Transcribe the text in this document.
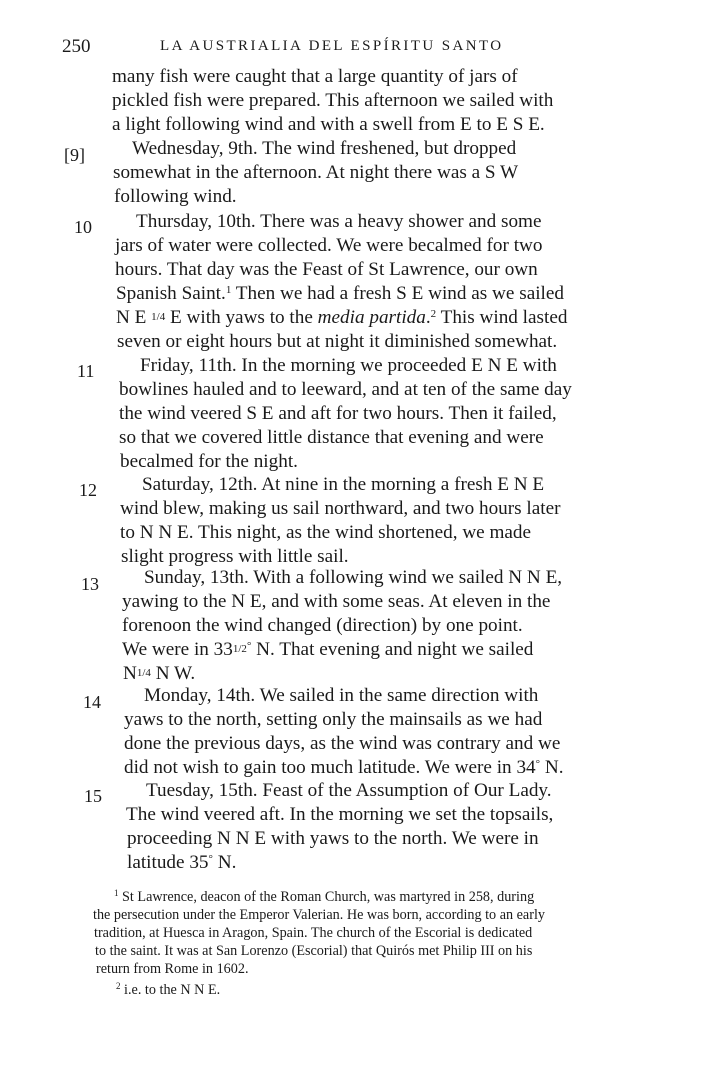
250	LA AUSTRIALIA DEL ESPÍRITU SANTO
many fish were caught that a large quantity of jars of
pickled fish were prepared. This afternoon we sailed with
a light following wind and with a swell from E to E S E.
[9] Wednesday, 9th. The wind freshened, but dropped
somewhat in the afternoon. At night there was a S W
following wind.
10 Thursday, 10th. There was a heavy shower and some
jars of water were collected. We were becalmed for two
hours. That day was the Feast of St Lawrence, our own
Spanish Saint.$^1$ Then we had a fresh S E wind as we sailed
N E 1/4 E with yaws to the media partida.$^2$ This wind lasted
seven or eight hours but at night it diminished somewhat.
11 Friday, 11th. In the morning we proceeded E N E with
bowlines hauled and to leeward, and at ten of the same day
the wind veered S E and aft for two hours. Then it failed,
so that we covered little distance that evening and were
becalmed for the night.
12 Saturday, 12th. At nine in the morning a fresh E N E
wind blew, making us sail northward, and two hours later
to N N E. This night, as the wind shortened, we made
slight progress with little sail.
13 Sunday, 13th. With a following wind we sailed N N E,
yawing to the N E, and with some seas. At eleven in the
forenoon the wind changed (direction) by one point.
We were in 331/2° N. That evening and night we sailed
N1/4 N W.
14 Monday, 14th. We sailed in the same direction with
yaws to the north, setting only the mainsails as we had
done the previous days, as the wind was contrary and we
did not wish to gain too much latitude. We were in 34° N.
15 Tuesday, 15th. Feast of the Assumption of Our Lady.
The wind veered aft. In the morning we set the topsails,
proceeding N N E with yaws to the north. We were in
latitude 35° N.
$^1$ St Lawrence, deacon of the Roman Church, was martyred in 258, during
the persecution under the Emperor Valerian. He was born, according to an early
tradition, at Huesca in Aragon, Spain. The church of the Escorial is dedicated
to the saint. It was at San Lorenzo (Escorial) that Quirós met Philip III on his
return from Rome in 1602.
$^2$ i.e. to the N N E.
